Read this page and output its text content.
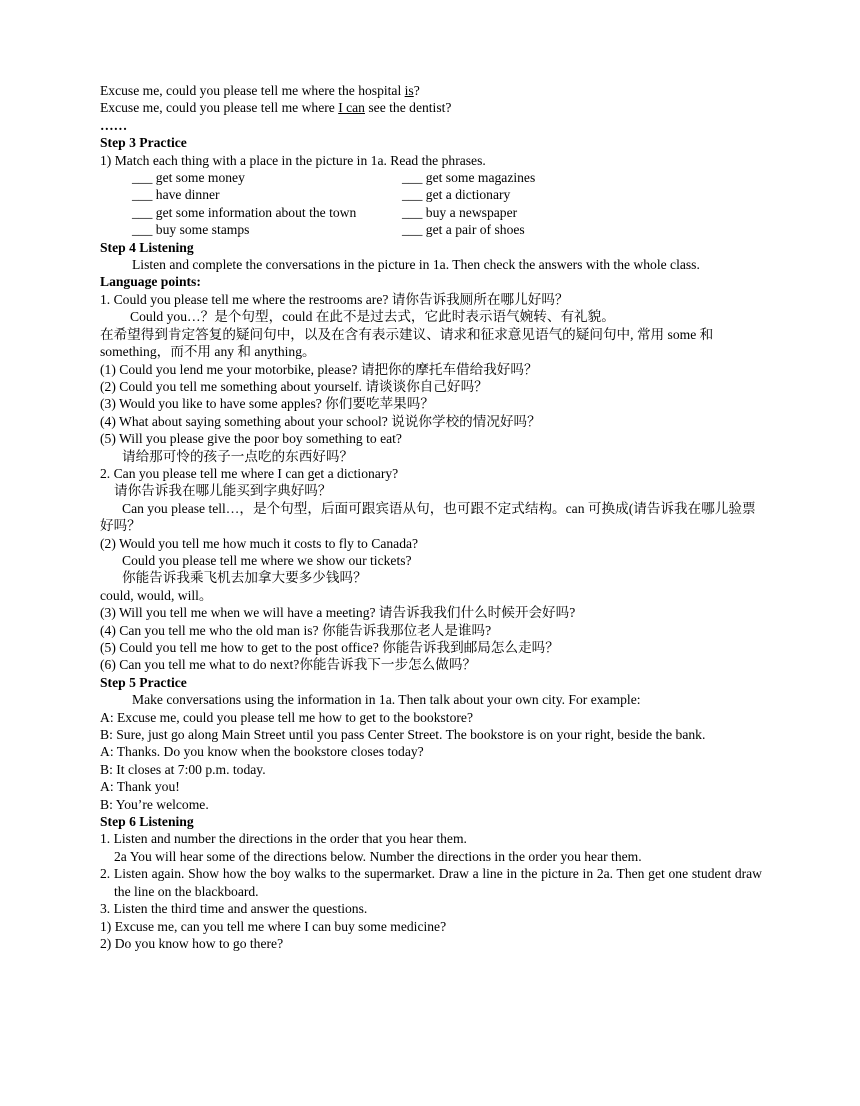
Excuse me, could you please tell me where the hospital is?
Excuse me, could you please tell me where I can see the dentist?
……
Step 3 Practice
1) Match each thing with a place in the picture in 1a. Read the phrases.
___ get some money	___ get some magazines
___ have dinner	___ get a dictionary
___ get some information about the town	___ buy a newspaper
___ buy some stamps	___ get a pair of shoes
Step 4 Listening
Listen and complete the conversations in the picture in 1a. Then check the answers with the whole class.
Language points:
1. Could you please tell me where the restrooms are? 请你告诉我厕所在哪儿好吗？
Could you…？是个句型，could 在此不是过去式，它此时表示语气婉转、有礼貌。
在希望得到肯定答复的疑问句中，以及在含有表示建议、请求和征求意见语气的疑问句中, 常用 some 和 something，而不用 any 和 anything。
(1) Could you lend me your motorbike, please? 请把你的摩托车借给我好吗？
(2) Could you tell me something about yourself. 请谈谈你自己好吗？
(3) Would you like to have some apples? 你们要吃苹果吗？
(4) What about saying something about your school? 说说你学校的情况好吗？
(5) Will you please give the poor boy something to eat?
请给那可怜的孩子一点吃的东西好吗？
2. Can you please tell me where I can get a dictionary?
请你告诉我在哪儿能买到字典好吗？
Can you please tell…，是个句型，后面可跟宾语从句，也可跟不定式结构。can 可换成(请告诉我在哪儿验票好吗？
(2) Would you tell me how much it costs to fly to Canada?
Could you please tell me where we show our tickets?
你能告诉我乘飞机去加拿大要多少钱吗？
could, would, will。
(3) Will you tell me when we will have a meeting? 请告诉我我们什么时候开会好吗?
(4) Can you tell me who the old man is? 你能告诉我那位老人是谁吗?
(5) Could you tell me how to get to the post office? 你能告诉我到邮局怎么走吗？
(6) Can you tell me what to do next?你能告诉我下一步怎么做吗？
Step 5 Practice
Make conversations using the information in 1a. Then talk about your own city. For example:
A: Excuse me, could you please tell me how to get to the bookstore?
B: Sure, just go along Main Street until you pass Center Street. The bookstore is on your right, beside the bank.
A: Thanks. Do you know when the bookstore closes today?
B: It closes at 7:00 p.m. today.
A: Thank you!
B: You’re welcome.
Step 6 Listening
1. Listen and number the directions in the order that you hear them.
2a You will hear some of the directions below. Number the directions in the order you hear them.
2. Listen again. Show how the boy walks to the supermarket. Draw a line in the picture in 2a. Then get one student draw the line on the blackboard.
3. Listen the third time and answer the questions.
1) Excuse me, can you tell me where I can buy some medicine?
2) Do you know how to go there?
